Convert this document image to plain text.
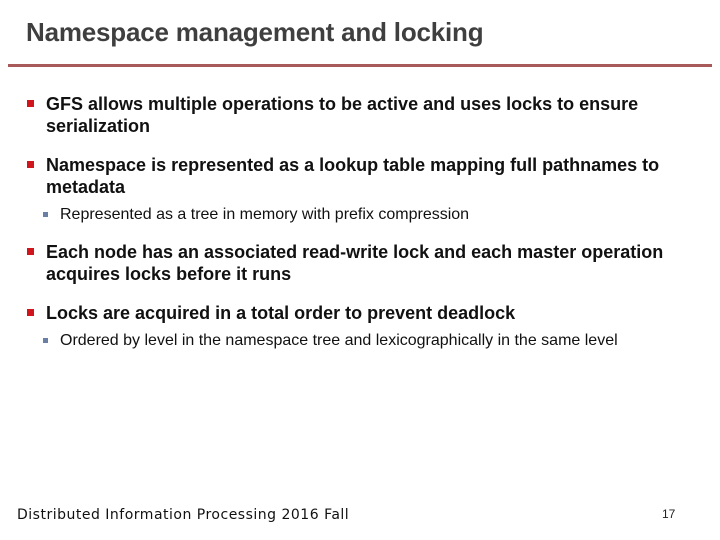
Namespace management and locking
GFS allows multiple operations to be active and uses locks to ensure serialization
Namespace is represented as a lookup table mapping full pathnames to metadata
Represented as a tree in memory with prefix compression
Each node has an associated read-write lock and each master operation acquires locks before it runs
Locks are acquired in a total order to prevent deadlock
Ordered by level in the namespace tree and lexicographically in the same level
Distributed Information Processing 2016 Fall	17
